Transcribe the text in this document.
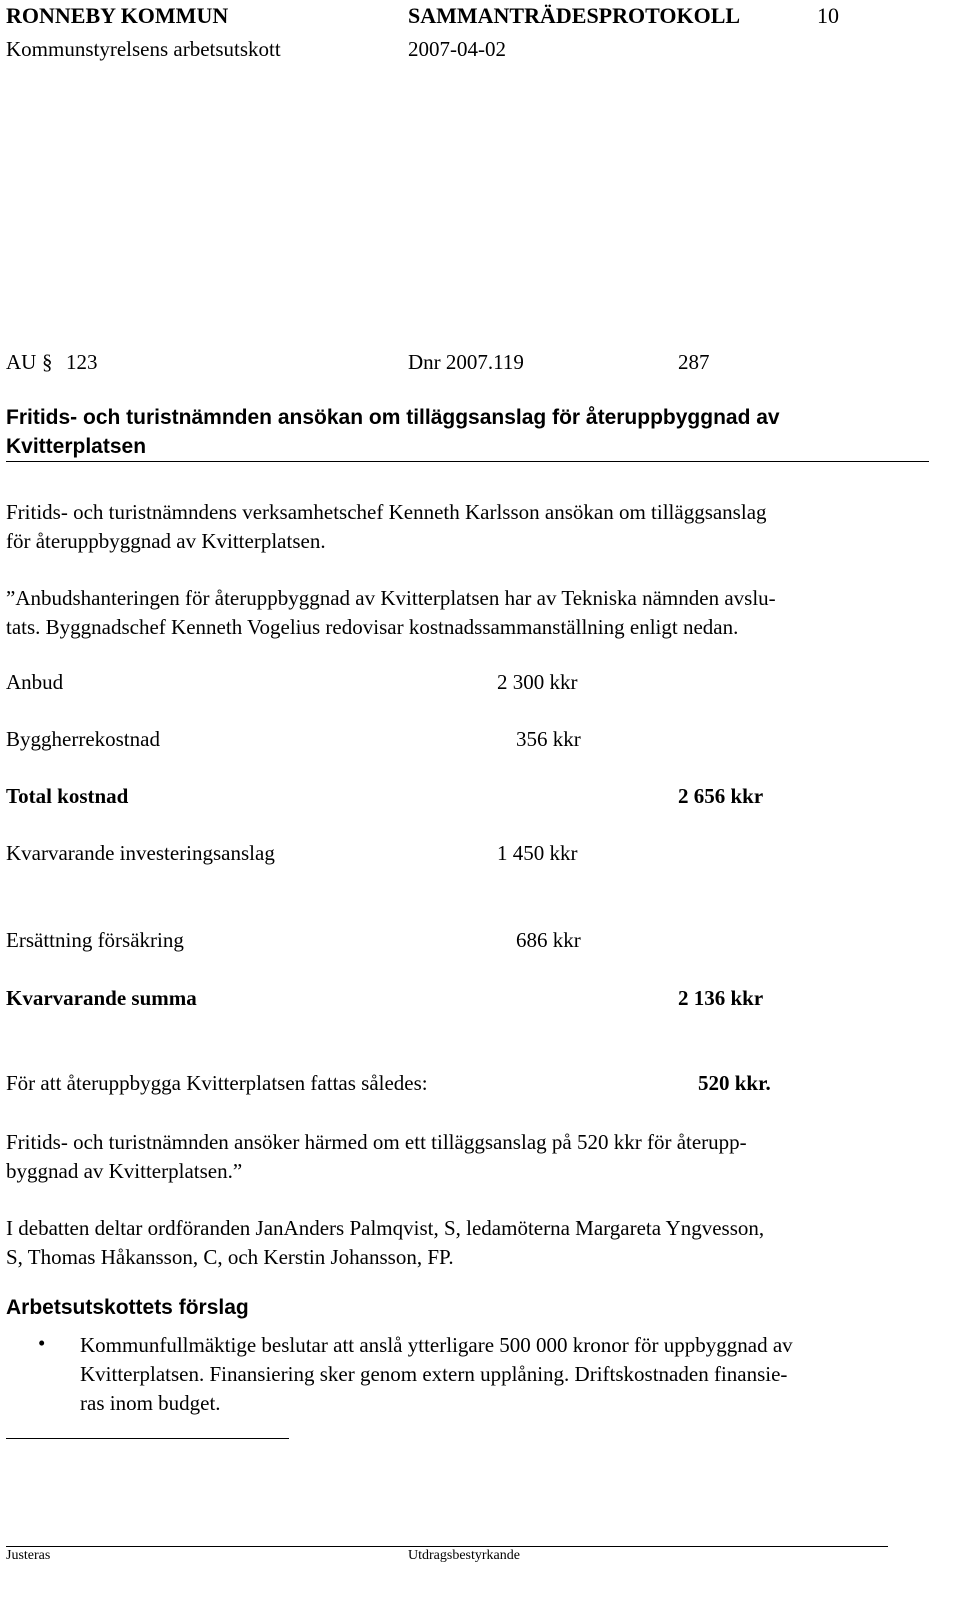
RONNEBY KOMMUN	SAMMANTRÄDESPROTOKOLL	10
Kommunstyrelsens arbetsutskott	2007-04-02
AU § 123	Dnr 2007.119	287
Fritids- och turistnämnden ansökan om tilläggsanslag för återuppbyggnad av
Kvitterplatsen
Fritids- och turistnämndens verksamhetschef Kenneth Karlsson ansökan om tilläggsanslag
för återuppbyggnad av Kvitterplatsen.
”Anbudshanteringen för återuppbyggnad av Kvitterplatsen har av Tekniska nämnden avslu-
tats. Byggnadschef Kenneth Vogelius redovisar kostnadssammanställning enligt nedan.
Anbud	2 300 kkr
Byggherrekostnad	356 kkr
Total kostnad	2 656 kkr
Kvarvarande investeringsanslag	1 450 kkr
Ersättning försäkring	686 kkr
Kvarvarande summa	2 136 kkr
För att återuppbygga Kvitterplatsen fattas således:	520 kkr.
Fritids- och turistnämnden ansöker härmed om ett tilläggsanslag på 520 kkr för återupp-
byggnad av Kvitterplatsen.”
I debatten deltar ordföranden JanAnders Palmqvist, S, ledamöterna Margareta Yngvesson,
S, Thomas Håkansson, C, och Kerstin Johansson, FP.
Arbetsutskottets förslag
• Kommunfullmäktige beslutar att anslå ytterligare 500 000 kronor för uppbyggnad av
Kvitterplatsen. Finansiering sker genom extern upplåning. Driftskostnaden finansie-
ras inom budget.
Justeras	Utdragsbestyrkande
